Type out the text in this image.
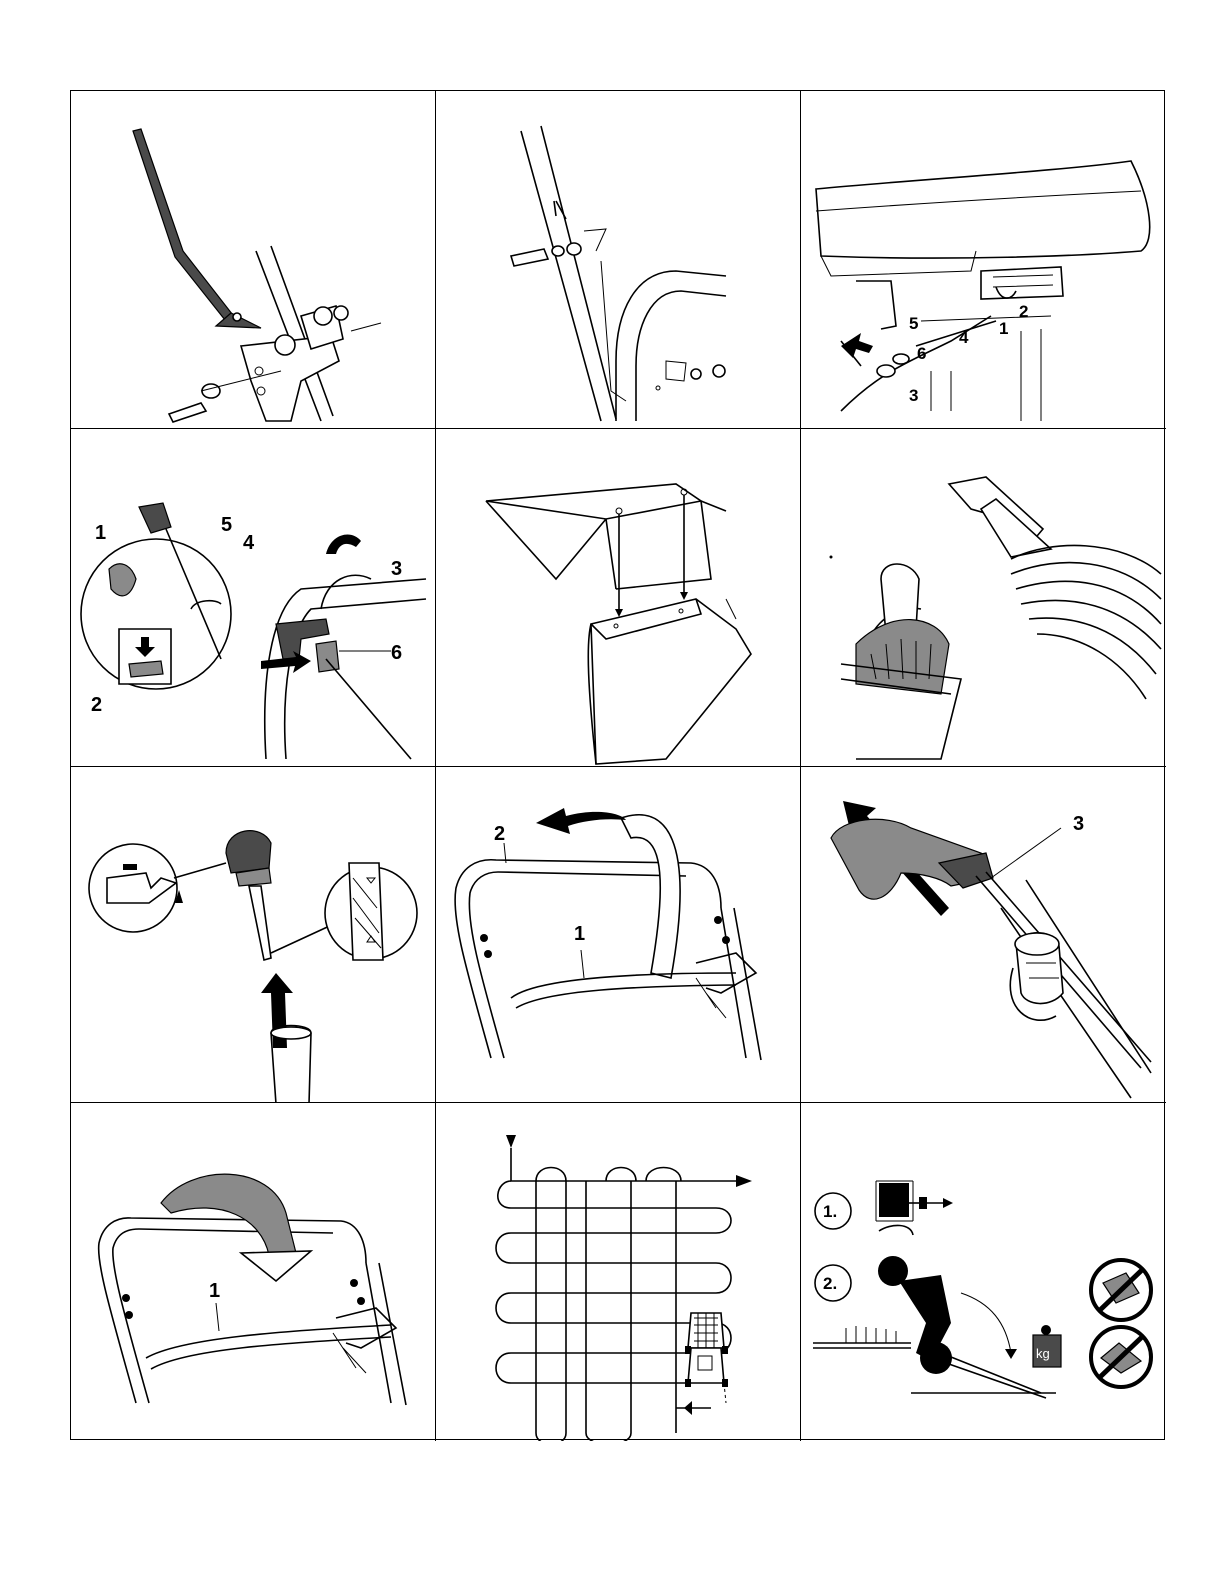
5
4
6
3
2
1
1	5
4
3
6
2
2
1
3
1
1.
2.
kg
